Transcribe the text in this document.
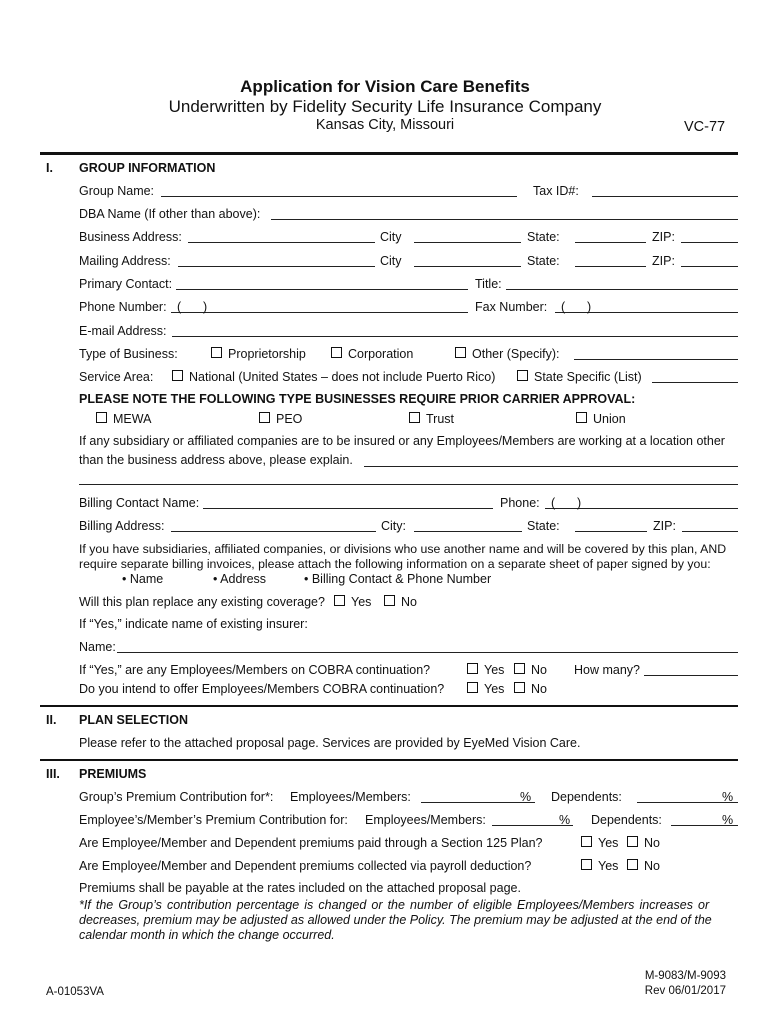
Application for Vision Care Benefits
Underwritten by Fidelity Security Life Insurance Company
Kansas City, Missouri	VC-77
I. GROUP INFORMATION
Group Name:	Tax ID#:
DBA Name (If other than above):
Business Address:	City	State:	ZIP:
Mailing Address:	City	State:	ZIP:
Primary Contact:	Title:
Phone Number: ( )	Fax Number: ( )
E-mail Address:
Type of Business:	Proprietorship	Corporation	Other (Specify):
Service Area:	National (United States – does not include Puerto Rico)	State Specific (List)
PLEASE NOTE THE FOLLOWING TYPE BUSINESSES REQUIRE PRIOR CARRIER APPROVAL:
MEWA	PEO	Trust	Union
If any subsidiary or affiliated companies are to be insured or any Employees/Members are working at a location other
than the business address above, please explain.
Billing Contact Name:	Phone: ( )
Billing Address:	City:	State:	ZIP:
If you have subsidiaries, affiliated companies, or divisions who use another name and will be covered by this plan, AND
require separate billing invoices, please attach the following information on a separate sheet of paper signed by you:
• Name	• Address	• Billing Contact & Phone Number
Will this plan replace any existing coverage? Yes No
If “Yes,” indicate name of existing insurer:
Name:
If “Yes,” are any Employees/Members on COBRA continuation?	Yes No How many?
Do you intend to offer Employees/Members COBRA continuation?	Yes No
II. PLAN SELECTION
Please refer to the attached proposal page. Services are provided by EyeMed Vision Care.
III. PREMIUMS
Group’s Premium Contribution for*: Employees/Members:	% Dependents:	%
Employee’s/Member’s Premium Contribution for: Employees/Members:	% Dependents:	%
Are Employee/Member and Dependent premiums paid through a Section 125 Plan?	Yes No
Are Employee/Member and Dependent premiums collected via payroll deduction?	Yes No
Premiums shall be payable at the rates included on the attached proposal page.
*If the Group’s contribution percentage is changed or the number of eligible Employees/Members increases or
decreases, premium may be adjusted as allowed under the Policy. The premium may be adjusted at the end of the
calendar month in which the change occurred.
A-01053VA
M-9083/M-9093
Rev 06/01/2017
